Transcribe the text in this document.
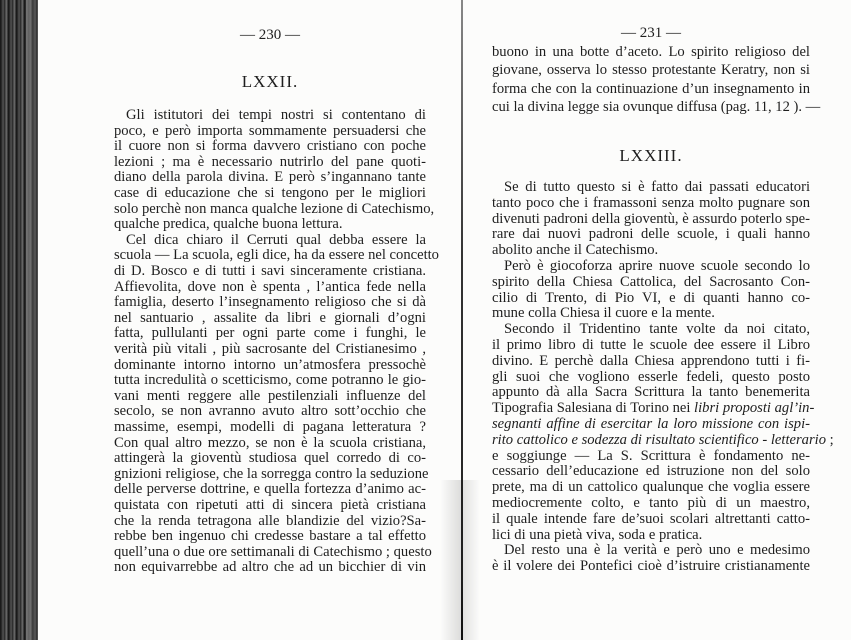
— 230 —
LXXII.
Gli istitutori dei tempi nostri si contentano di
poco, e però importa sommamente persuadersi che
il cuore non si forma davvero cristiano con poche
lezioni ; ma è necessario nutrirlo del pane quoti-
diano della parola divina. E però s’ingannano tante
case di educazione che si tengono per le migliori
solo perchè non manca qualche lezione di Catechismo,
qualche predica, qualche buona lettura.
Cel dica chiaro il Cerruti qual debba essere la
scuola — La scuola, egli dice, ha da essere nel concetto
di D. Bosco e di tutti i savi sinceramente cristiana.
Affievolita, dove non è spenta , l’antica fede nella
famiglia, deserto l’insegnamento religioso che si dà
nel santuario , assalite da libri e giornali d’ogni
fatta, pullulanti per ogni parte come i funghi, le
verità più vitali , più sacrosante del Cristianesimo ,
dominante intorno intorno un’atmosfera pressochè
tutta incredulità o scetticismo, come potranno le gio-
vani menti reggere alle pestilenziali influenze del
secolo, se non avranno avuto altro sott’occhio che
massime, esempi, modelli di pagana letteratura ?
Con qual altro mezzo, se non è la scuola cristiana,
attingerà la gioventù studiosa quel corredo di co-
gnizioni religiose, che la sorregga contro la seduzione
delle perverse dottrine, e quella fortezza d’animo ac-
quistata con ripetuti atti di sincera pietà cristiana
che la renda tetragona alle blandizie del vizio?Sa-
rebbe ben ingenuo chi credesse bastare a tal effetto
quell’una o due ore settimanali di Catechismo ; questo
non equivarrebbe ad altro che ad un bicchier di vin
— 231 —
buono in una botte d’aceto. Lo spirito religioso del
giovane, osserva lo stesso protestante Keratry, non si
forma che con la continuazione d’un insegnamento in
cui la divina legge sia ovunque diffusa (pag. 11, 12 ). —
LXXIII.
Se di tutto questo si è fatto dai passati educatori
tanto poco che i framassoni senza molto pugnare son
divenuti padroni della gioventù, è assurdo poterlo spe-
rare dai nuovi padroni delle scuole, i quali hanno
abolito anche il Catechismo.
Però è giocoforza aprire nuove scuole secondo lo
spirito della Chiesa Cattolica, del Sacrosanto Con-
cilio di Trento, di Pio VI, e di quanti hanno co-
mune colla Chiesa il cuore e la mente.
Secondo il Tridentino tante volte da noi citato,
il primo libro di tutte le scuole dee essere il Libro
divino. E perchè dalla Chiesa apprendono tutti i fi-
gli suoi che vogliono esserle fedeli, questo posto
appunto dà alla Sacra Scrittura la tanto benemerita
Tipografia Salesiana di Torino nei libri proposti agl’in-
segnanti affine di esercitar la loro missione con ispi-
rito cattolico e sodezza di risultato scientifico - letterario ;
e soggiunge — La S. Scrittura è fondamento ne-
cessario dell’educazione ed istruzione non del solo
prete, ma di un cattolico qualunque che voglia essere
mediocremente colto, e tanto più di un maestro,
il quale intende fare de’suoi scolari altrettanti catto-
lici di una pietà viva, soda e pratica.
Del resto una è la verità e però uno e medesimo
è il volere dei Pontefici cioè d’istruire cristianamente
